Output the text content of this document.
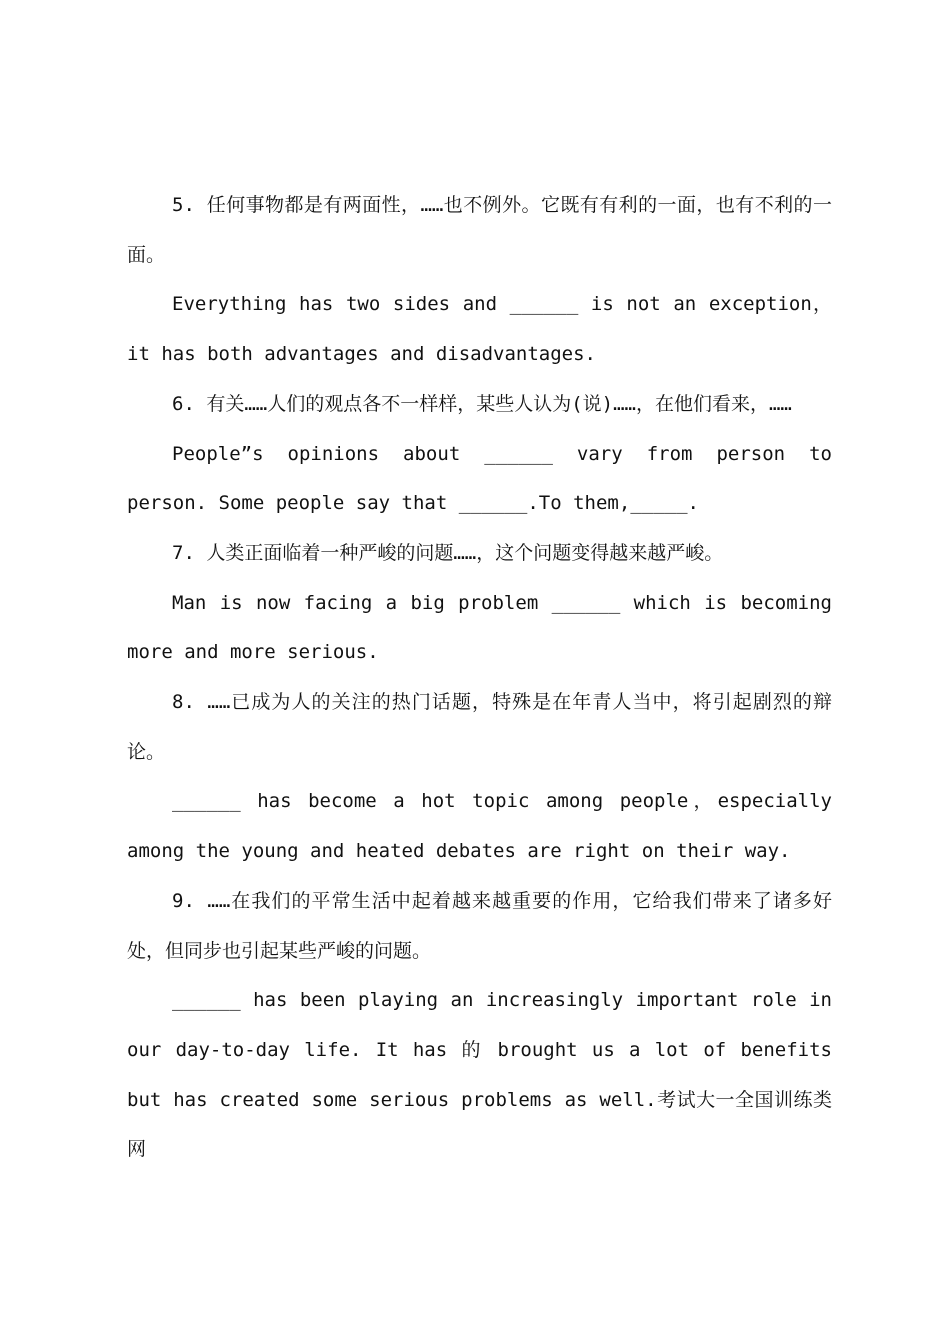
5. 任何事物都是有两面性，……也不例外。它既有有利的一面，也有不利的一面。

Everything has two sides and ______ is not an exception，it has both advantages and disadvantages.

6. 有关……人们的观点各不一样样，某些人认为(说)……，在他们看来，……

People”s opinions about ______ vary from person to person. Some people say that ______.To them,_____.

7. 人类正面临着一种严峻的问题……，这个问题变得越来越严峻。

Man is now facing a big problem ______ which is becoming more and more serious.

8. ……已成为人的关注的热门话题，特殊是在年青人当中，将引起剧烈的辩论。

______ has become a hot topic among people，especially among the young and heated debates are right on their way.

9. ……在我们的平常生活中起着越来越重要的作用，它给我们带来了诸多好处，但同步也引起某些严峻的问题。

______ has been playing an increasingly important role in our day-to-day life. It has 的 brought us a lot of benefits but has created some serious problems as well.考试大一全国训练类网
